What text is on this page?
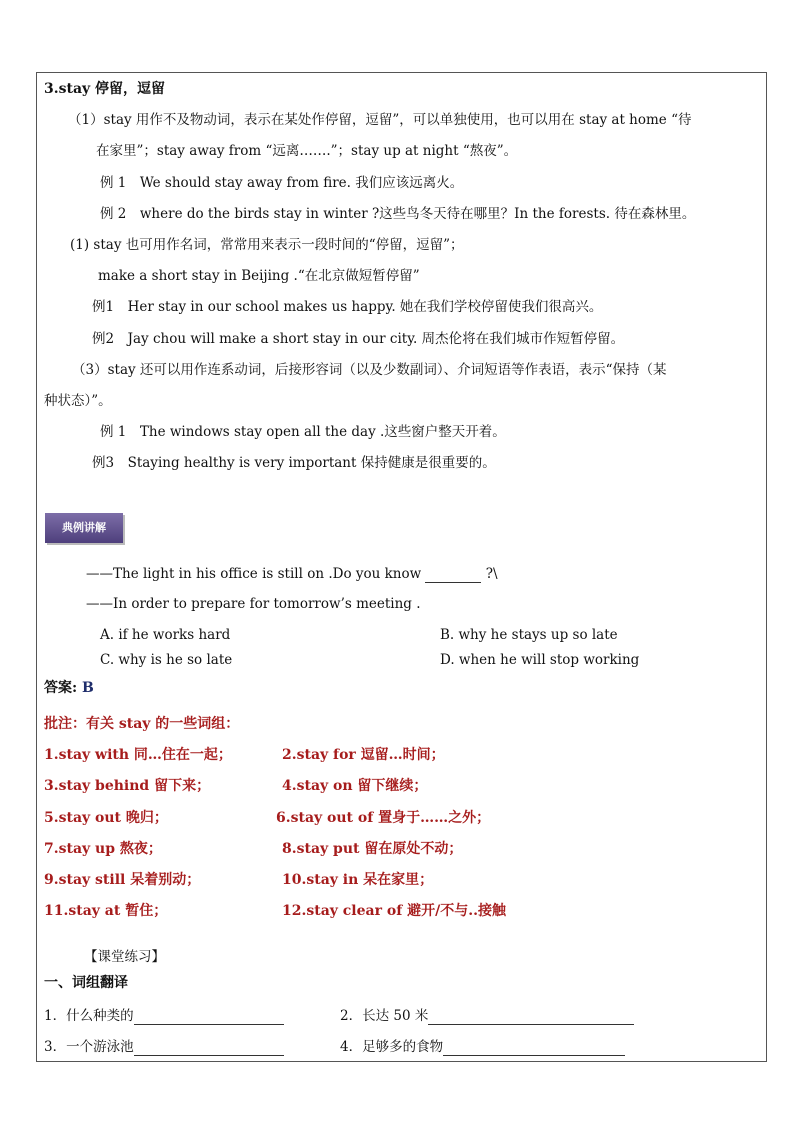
3.stay 停留，逗留
（1）stay 用作不及物动词，表示在某处作停留，逗留”，可以单独使用，也可以用在 stay at home “待
在家里”；stay away from “远离…….”；stay up at night “熬夜”。
例 1　We should stay away from fire. 我们应该远离火。
例 2　where do the birds stay in winter ?这些鸟冬天待在哪里？In the forests. 待在森林里。
(1) stay 也可用作名词，常常用来表示一段时间的“停留，逗留”；
make a short stay in Beijing .“在北京做短暂停留”
例1　Her stay in our school makes us happy. 她在我们学校停留使我们很高兴。
例2　Jay chou will make a short stay in our city. 周杰伦将在我们城市作短暂停留。
（3）stay 还可以用作连系动词，后接形容词（以及少数副词）、介词短语等作表语，表示“保持（某
种状态）”。
例 1　The windows stay open all the day .这些窗户整天开着。
例3　Staying healthy is very important 保持健康是很重要的。
典例讲解
——The light in his office is still on .Do you know	?\
——In order to prepare for tomorrow’s meeting .
A. if he works hard	B. why he stays up so late
C. why is he so late	D. when he will stop working
答案: B
批注：有关 stay 的一些词组：
1.stay with 同…住在一起；	2.stay for 逗留…时间；
3.stay behind 留下来；	4.stay on 留下继续；
5.stay out 晚归；	6.stay out of 置身于……之外；
7.stay up 熬夜；	8.stay put 留在原处不动；
9.stay still 呆着别动；	10.stay in 呆在家里；
11.stay at 暂住；	12.stay clear of 避开/不与..接触
【课堂练习】
一、词组翻译
1．什么种类的	2．长达 50 米
3．一个游泳池	4．足够多的食物
